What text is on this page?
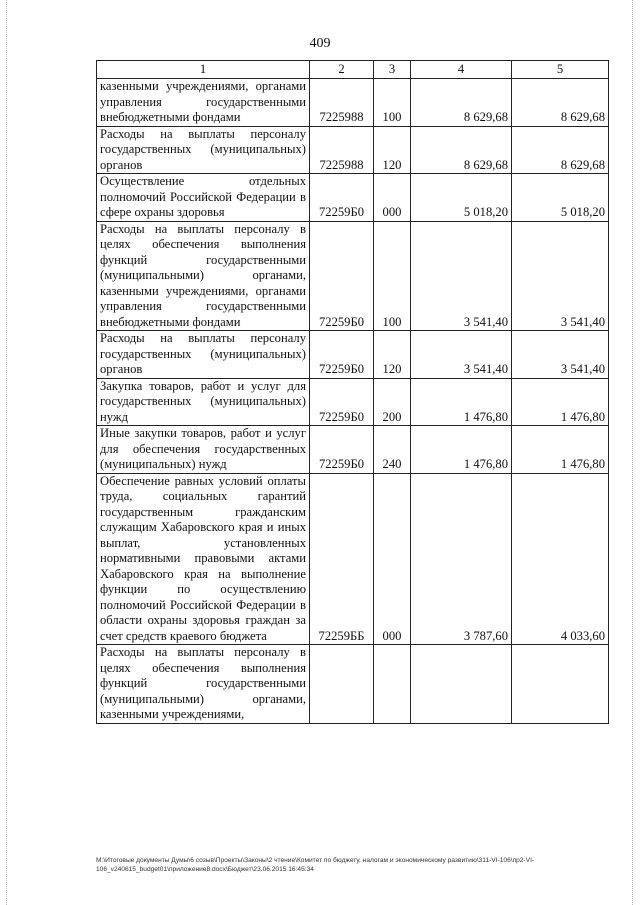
409
1	2	3	4	5
казенными учреждениями, органами управления государственными внебюджетными фондами	7225988	100	8 629,68	8 629,68
Расходы на выплаты персоналу государственных (муниципальных) органов	7225988	120	8 629,68	8 629,68
Осуществление отдельных полномочий Российской Федерации в сфере охраны здоровья	72259Б0	000	5 018,20	5 018,20
Расходы на выплаты персоналу в целях обеспечения выполнения функций государственными (муниципальными) органами, казенными учреждениями, органами управления государственными внебюджетными фондами	72259Б0	100	3 541,40	3 541,40
Расходы на выплаты персоналу государственных (муниципальных) органов	72259Б0	120	3 541,40	3 541,40
Закупка товаров, работ и услуг для государственных (муниципальных) нужд	72259Б0	200	1 476,80	1 476,80
Иные закупки товаров, работ и услуг для обеспечения государственных (муниципальных) нужд	72259Б0	240	1 476,80	1 476,80
Обеспечение равных условий оплаты труда, социальных гарантий государственным гражданским служащим Хабаровского края и иных выплат, установленных нормативными правовыми актами Хабаровского края на выполнение функции по осуществлению полномочий Российской Федерации в области охраны здоровья граждан за счет средств краевого бюджета	72259ББ	000	3 787,60	4 033,60
Расходы на выплаты персоналу в целях обеспечения выполнения функций государственными (муниципальными) органами, казенными учреждениями,				
M:\Итоговые документы Думы\6 созыв\Проекты\Законы\2 чтение\Комитет по бюджету, налогам и экономическому развитию\311-VI-106\пр2-VI-106_v240615_budget01\приложение8.docx\Бюджет\23.06.2015 16:45:34
